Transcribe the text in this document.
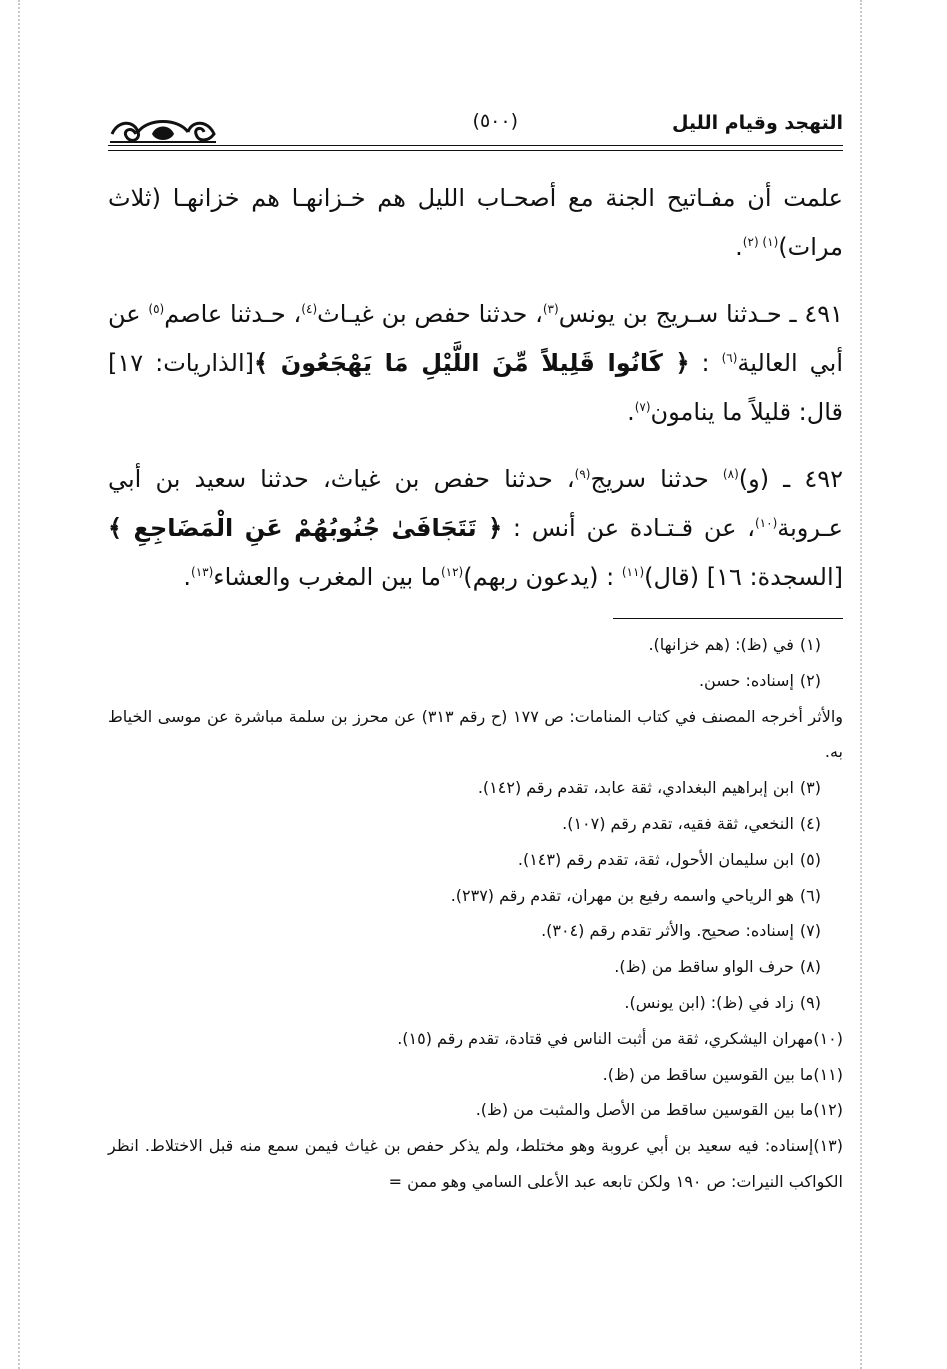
التهجد وقيام الليل
(٥٠٠)

علمت أن مفـاتيح الجنة مع أصحـاب الليل هم خـزانهـا هم خزانهـا (ثلاث مرات)$^{(١) (٢)}$.

٤٩١ ـ حـدثنا سـريج بن يونس$^{(٣)}$، حدثنا حفص بن غيـاث$^{(٤)}$، حـدثنا عاصم$^{(٥)}$ عن أبي العالية$^{(٦)}$ : ﴿ كَانُوا قَلِيلاً مِّنَ اللَّيْلِ مَا يَهْجَعُونَ ﴾[الذاريات: ١٧] قال: قليلاً ما ينامون$^{(٧)}$.

٤٩٢ ـ (و)$^{(٨)}$ حدثنا سريج$^{(٩)}$، حدثنا حفص بن غياث، حدثنا سعيد بن أبي عـروبة$^{(١٠)}$، عن قـتـادة عن أنس : ﴿ تَتَجَافَىٰ جُنُوبُهُمْ عَنِ الْمَضَاجِعِ ﴾ [السجدة: ١٦] (قال)$^{(١١)}$ : (يدعون ربهم)$^{(١٢)}$ما بين المغرب والعشاء$^{(١٣)}$.

(١)في (ظ): (هم خزانها).

(٢)إسناده: حسن.

والأثر أخرجه المصنف في كتاب المنامات: ص ١٧٧ (ح رقم ٣١٣) عن محرز بن سلمة مباشرة عن موسى الخياط به.

(٣)ابن إبراهيم البغدادي، ثقة عابد، تقدم رقم (١٤٢).

(٤)النخعي، ثقة فقيه، تقدم رقم (١٠٧).

(٥)ابن سليمان الأحول، ثقة، تقدم رقم (١٤٣).

(٦)هو الرياحي واسمه رفيع بن مهران، تقدم رقم (٢٣٧).

(٧)إسناده: صحيح. والأثر تقدم رقم (٣٠٤).

(٨)حرف الواو ساقط من (ظ).

(٩)زاد في (ظ): (ابن يونس).

(١٠)مهران اليشكري، ثقة من أثبت الناس في قتادة، تقدم رقم (١٥).

(١١)ما بين القوسين ساقط من (ظ).

(١٢)ما بين القوسين ساقط من الأصل والمثبت من (ظ).

(١٣)إسناده: فيه سعيد بن أبي عروبة وهو مختلط، ولم يذكر حفص بن غياث فيمن سمع منه قبل الاختلاط. انظر الكواكب النيرات: ص ١٩٠ ولكن تابعه عبد الأعلى السامي وهو ممن =
